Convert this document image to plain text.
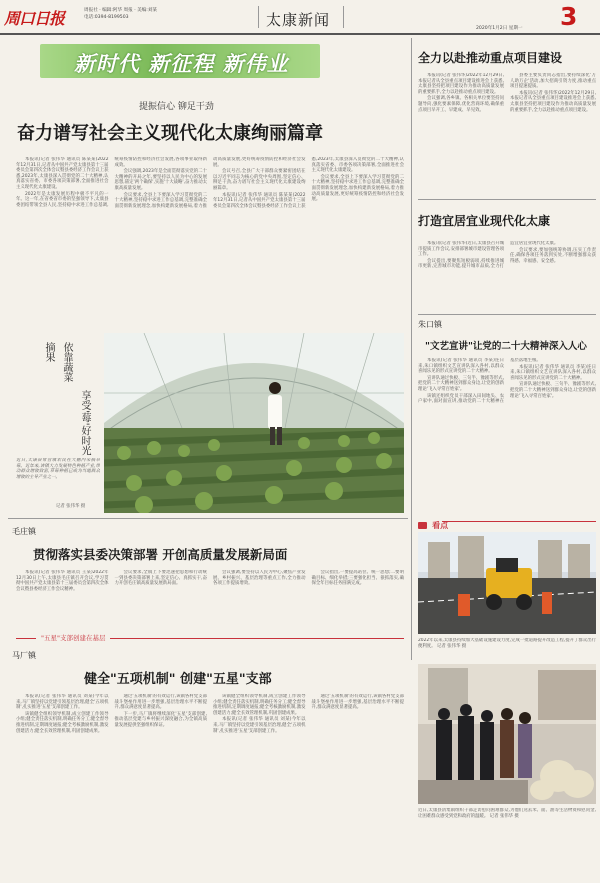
周口日报	周报社 · 编辑:阿华 周报 · 美编:刘某
电话:0394-8199503	太康新闻	2020年1月2日 星期一 3
新时代 新征程 新伟业
提振信心 铆足干劲
奋力谱写社会主义现代化太康绚丽篇章

本报讯(记者 张伟华 通讯员 陈某某)2022年12月31日,记者从中国共产党太康县第十三届委员会第四次全体会议暨县委经济工作会议上获悉,2023年,太康县深入贯彻党的二十大精神,认真落实省委、市委各项决策部署,全面推进社会主义现代化太康建设。

2022年是太康发展历程中极不平凡的一年。这一年,在省委省市委的坚强领导下,太康县委团结带领全县人民,坚持稳中求进工作总基调,统筹疫情防控和经济社会发展,各项事业取得新成效。

会议强调,2023年是全面贯彻落实党的二十大精神的开局之年,要坚持以人民为中心的发展思想,锚定'两个确保',实施'十大战略',奋力推动太康高质量发展。

会议要求,全县上下要深入学习贯彻党的二十大精神,坚持稳中求进工作总基调,完整准确全面贯彻新发展理念,加快构建新发展格局,着力推动高质量发展,更好统筹疫情防控和经济社会发展。

会议号召,全县广大干部群众要紧密团结在以习近平同志为核心的党中央周围,坚定信心、铆足干劲,奋力谱写社会主义现代化太康建设绚丽篇章。

本报讯(记者 张伟华 通讯员 陈某某)2022年12月31日,记者从中国共产党太康县第十三届委员会第四次全体会议暨县委经济工作会议上获悉,2023年,太康县深入贯彻党的二十大精神,认真落实省委、市委各项决策部署,全面推进社会主义现代化太康建设。

会议要求,全县上下要深入学习贯彻党的二十大精神,坚持稳中求进工作总基调,完整准确全面贯彻新发展理念,加快构建新发展格局,着力推动高质量发展,更好统筹疫情防控和经济社会发展。

依靠蔬菜
摘果
享受'莓'好时光
近日,太康县常营镇农民在大棚内采摘草莓。近年来,该镇大力发展特色种植产业,带动群众增收致富,草莓种植已成为当地群众增收的主导产业之一。
记者 张伟华 摄
全力以赴推动重点项目建设

本报讯(记者 张伟华)2022年12月29日,本报记者从全县重点项目建设推进会上获悉,太康县坚持把项目建设作为推动高质量发展的重要抓手,全力以赴推动重点项目建设。

会议强调,各乡镇、各相关单位要坚持问题导向,强化要素保障,优化营商环境,确保重点项目早开工、早建成、早见效。

县委主要负责同志指出,要持续深化'万人助万企'活动,加大招商引资力度,推动重点项目提速提质。

本报讯(记者 张伟华)2022年12月29日,本报记者从全县重点项目建设推进会上获悉,太康县坚持把项目建设作为推动高质量发展的重要抓手,全力以赴推动重点项目建设。

打造宜居宜业现代化太康

本报讯(记者 张伟华)近日,太康县召开城市提质工作会议,安排部署城市建设管理各项工作。

会议提出,要聚焦短板弱项,持续推进城市更新,完善城市功能,提升城市品质,全力打造宜居宜业现代化太康。

会议要求,要加强统筹协调,压实工作责任,确保各项任务落到实处,不断增强群众获得感、幸福感、安全感。

朱口镇
"文艺宣讲"让党的二十大精神深入人心

本报讯(记者 张伟华 通讯员 李某)连日来,朱口镇组织文艺宣讲队深入各村,以群众喜闻乐见的形式宣讲党的二十大精神。

宣讲队通过快板、三句半、豫剧等形式,把党的二十大精神送到群众身边,让党的创新理论'飞入寻常百姓家'。

该镇还组织党员干部深入田间地头、农户家中,面对面宣讲,推动党的二十大精神在基层落地生根。

本报讯(记者 张伟华 通讯员 李某)连日来,朱口镇组织文艺宣讲队深入各村,以群众喜闻乐见的形式宣讲党的二十大精神。

宣讲队通过快板、三句半、豫剧等形式,把党的二十大精神送到群众身边,让党的创新理论'飞入寻常百姓家'。

毛庄镇
贯彻落实县委决策部署 开创高质量发展新局面

本报讯(记者 张伟华 通讯员 王某)2022年12月30日上午,太康县毛庄镇召开会议,学习贯彻中国共产党太康县第十三届委员会第四次全体会议暨县委经济工作会议精神。

会议要求,全镇上下要迅速把思想和行动统一到县委决策部署上来,坚定信心、真抓实干,奋力开创毛庄镇高质量发展新局面。

会议强调,要坚持以人民为中心,聚焦产业发展、乡村振兴、基层治理等重点工作,全力推动各项工作提质增效。

会议指出,一要提高站位、统一思想;二要明确目标、细化举措;三要强化担当、狠抓落实,确保全年目标任务圆满完成。

"五星"支部创建在基层
马厂镇
健全"五项机制" 创建"五星"支部

本报讯(记者 张伟华 通讯员 刘某)今年以来,马厂镇坚持以党建引领基层治理,健全'五项机制',扎实推进'五星'支部创建工作。

该镇健全组织领导机制,成立创建工作领导小组;健全责任落实机制,明确任务分工;健全督导推进机制,定期调度通报;健全考核激励机制,激发创建活力;健全长效管理机制,巩固创建成果。

通过'五项机制'的有效运行,该镇各村党支部战斗堡垒作用进一步增强,基层治理水平不断提升,群众满意度显著提高。

下一步,马厂镇将继续深化'五星'支部创建,推动基层党建与乡村振兴深度融合,为全镇高质量发展提供坚强组织保证。

该镇健全组织领导机制,成立创建工作领导小组;健全责任落实机制,明确任务分工;健全督导推进机制,定期调度通报;健全考核激励机制,激发创建活力;健全长效管理机制,巩固创建成果。

本报讯(记者 张伟华 通讯员 刘某)今年以来,马厂镇坚持以党建引领基层治理,健全'五项机制',扎实推进'五星'支部创建工作。

通过'五项机制'的有效运行,该镇各村党支部战斗堡垒作用进一步增强,基层治理水平不断提升,群众满意度显著提高。

看点
2022年以来,太康县持续加大基础设施建设力度,完成一批道路提升改造工程,提升了群众出行便利度。 记者 张伟华 摄
近日,太康县清集镇组织干部走访慰问困难群众,为他们送去米、面、油等生活物资和慰问金,让困难群众感受到党和政府的温暖。 记者 张伟华 摄
